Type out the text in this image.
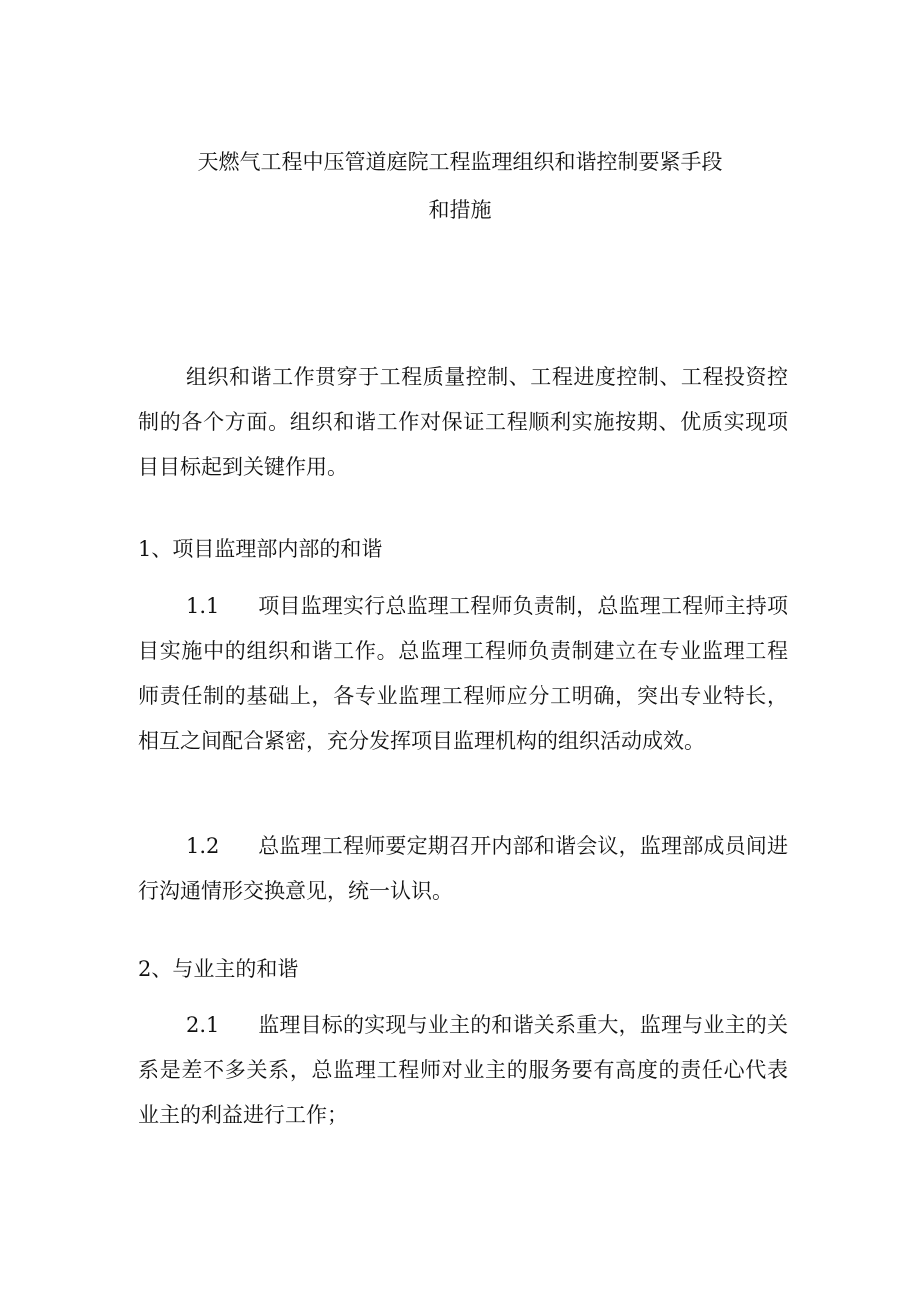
天燃气工程中压管道庭院工程监理组织和谐控制要紧手段
和措施

组织和谐工作贯穿于工程质量控制、工程进度控制、工程投资控制的各个方面。组织和谐工作对保证工程顺利实施按期、优质实现项目目标起到关键作用。

1、项目监理部内部的和谐

1.1 项目监理实行总监理工程师负责制，总监理工程师主持项目实施中的组织和谐工作。总监理工程师负责制建立在专业监理工程师责任制的基础上，各专业监理工程师应分工明确，突出专业特长，相互之间配合紧密，充分发挥项目监理机构的组织活动成效。

1.2 总监理工程师要定期召开内部和谐会议，监理部成员间进行沟通情形交换意见，统一认识。

2、与业主的和谐

2.1 监理目标的实现与业主的和谐关系重大，监理与业主的关系是差不多关系，总监理工程师对业主的服务要有高度的责任心代表业主的利益进行工作；
